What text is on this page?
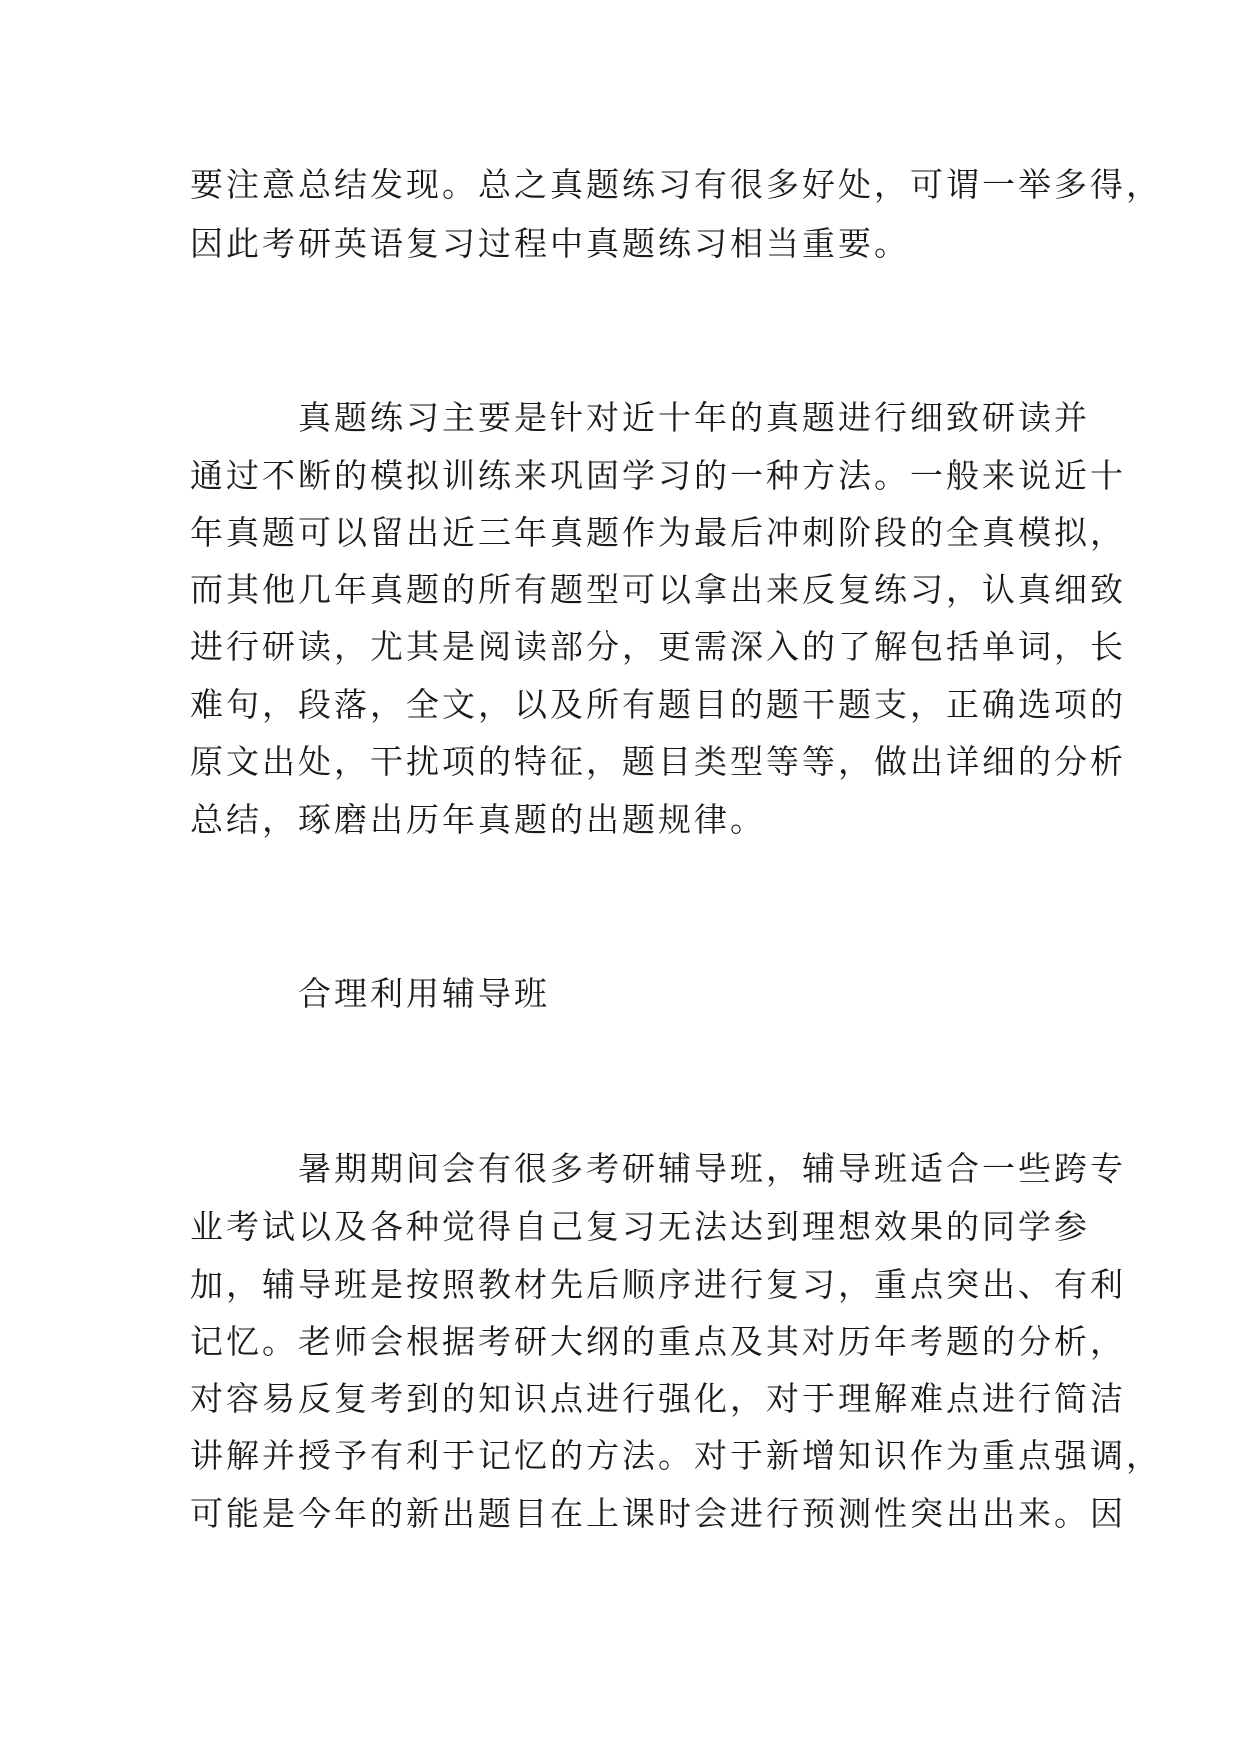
要注意总结发现。总之真题练习有很多好处，可谓一举多得，
因此考研英语复习过程中真题练习相当重要。
真题练习主要是针对近十年的真题进行细致研读并
通过不断的模拟训练来巩固学习的一种方法。一般来说近十
年真题可以留出近三年真题作为最后冲刺阶段的全真模拟，
而其他几年真题的所有题型可以拿出来反复练习，认真细致
进行研读，尤其是阅读部分，更需深入的了解包括单词，长
难句，段落，全文，以及所有题目的题干题支，正确选项的
原文出处，干扰项的特征，题目类型等等，做出详细的分析
总结，琢磨出历年真题的出题规律。
合理利用辅导班
暑期期间会有很多考研辅导班，辅导班适合一些跨专
业考试以及各种觉得自己复习无法达到理想效果的同学参
加，辅导班是按照教材先后顺序进行复习，重点突出、有利
记忆。老师会根据考研大纲的重点及其对历年考题的分析，
对容易反复考到的知识点进行强化，对于理解难点进行简洁
讲解并授予有利于记忆的方法。对于新增知识作为重点强调，
可能是今年的新出题目在上课时会进行预测性突出出来。因
